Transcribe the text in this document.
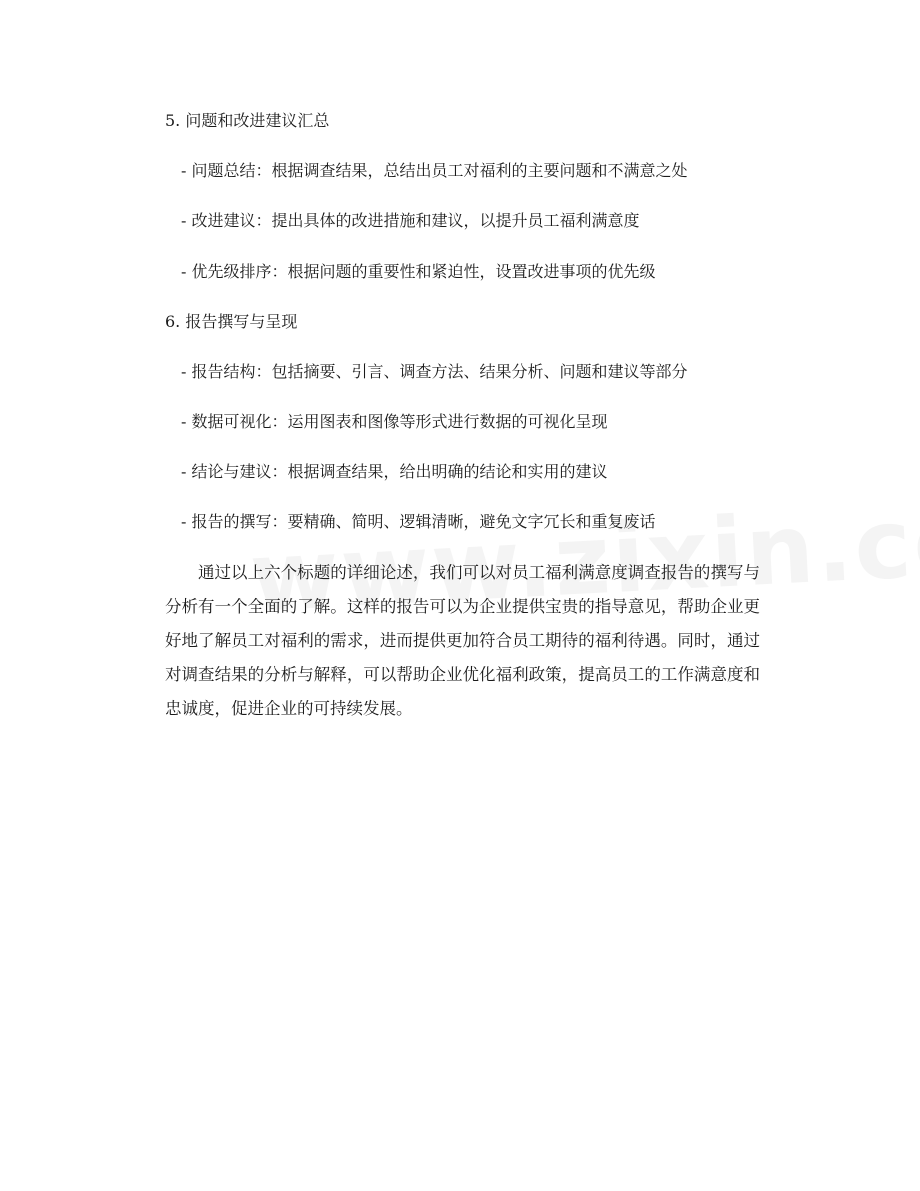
5. 问题和改进建议汇总
- 问题总结：根据调查结果，总结出员工对福利的主要问题和不满意之处
- 改进建议：提出具体的改进措施和建议，以提升员工福利满意度
- 优先级排序：根据问题的重要性和紧迫性，设置改进事项的优先级
6. 报告撰写与呈现
- 报告结构：包括摘要、引言、调查方法、结果分析、问题和建议等部分
- 数据可视化：运用图表和图像等形式进行数据的可视化呈现
- 结论与建议：根据调查结果，给出明确的结论和实用的建议
- 报告的撰写：要精确、简明、逻辑清晰，避免文字冗长和重复废话

通过以上六个标题的详细论述，我们可以对员工福利满意度调查报告的撰写与分析有一个全面的了解。这样的报告可以为企业提供宝贵的指导意见，帮助企业更好地了解员工对福利的需求，进而提供更加符合员工期待的福利待遇。同时，通过对调查结果的分析与解释，可以帮助企业优化福利政策，提高员工的工作满意度和忠诚度，促进企业的可持续发展。
